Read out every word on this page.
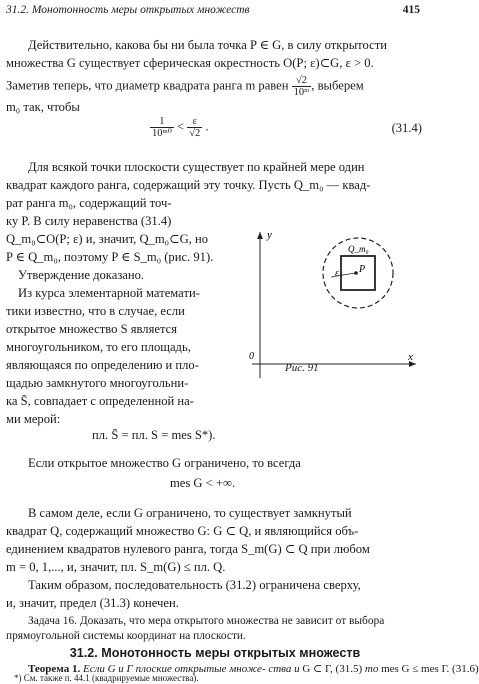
31.2. Монотонность меры открытых множеств	415
Действительно, какова бы ни была точка P ∈ G, в силу открытости
множества G существует сферическая окрестность O(P; ε)⊂G, ε > 0.
Заметив теперь, что диаметр квадрата ранга m равен $\frac{√2}{\text{10ᵐ}}$ , выберем
m₀ так, чтобы
$\frac{1}{\text{10ᵐ⁰}} < \frac{\varepsilon}{√2}$ .	(31.4)
Для всякой точки плоскости существует по крайней мере один
квадрат каждого ранга, содержащий эту точку. Пусть Q_m₀ — квад-
рат ранга m₀, содержащий точ-
ку P. В силу неравенства (31.4)
Q_m₀⊂O(P; ε) и, значит, Q_m₀⊂G, но
P ∈ Q_m₀, поэтому P ∈ S_m₀ (рис. 91).
Утверждение доказано.
Из курса элементарной математи-
тики известно, что в случае, если
открытое множество S является
многоугольником, то его площадь,
являющаяся по определению и пло-
щадью замкнутого многоугольни-
ка S̄, совпадает с определенной на-
ми мерой:
y
x
0
Q_m₀
ε P
Рис. 91
пл. S̄ = пл. S = mes S*).
Если открытое множество G ограничено, то всегда
mes G < +∞.
В самом деле, если G ограничено, то существует замкнутый
квадрат Q, содержащий множество G: G ⊂ Q, и являющийся объ-
единением квадратов нулевого ранга, тогда S_m(G) ⊂ Q при любом
m = 0, 1,..., и, значит, пл. S_m(G) ≤ пл. Q.
Таким образом, последовательность (31.2) ограничена сверху,
и, значит, предел (31.3) конечен.
Задача 16. Доказать, что мера открытого множества не зависит от выбора
прямоугольной системы координат на плоскости.
31.2. Монотонность меры открытых множеств
Теорема 1. Если G и Γ плоские открытые множе- ства и G ⊂ Γ, (31.5) то mes G ≤ mes Γ. (31.6)
*) См. также п. 44.1 (квадрируемые множества).
